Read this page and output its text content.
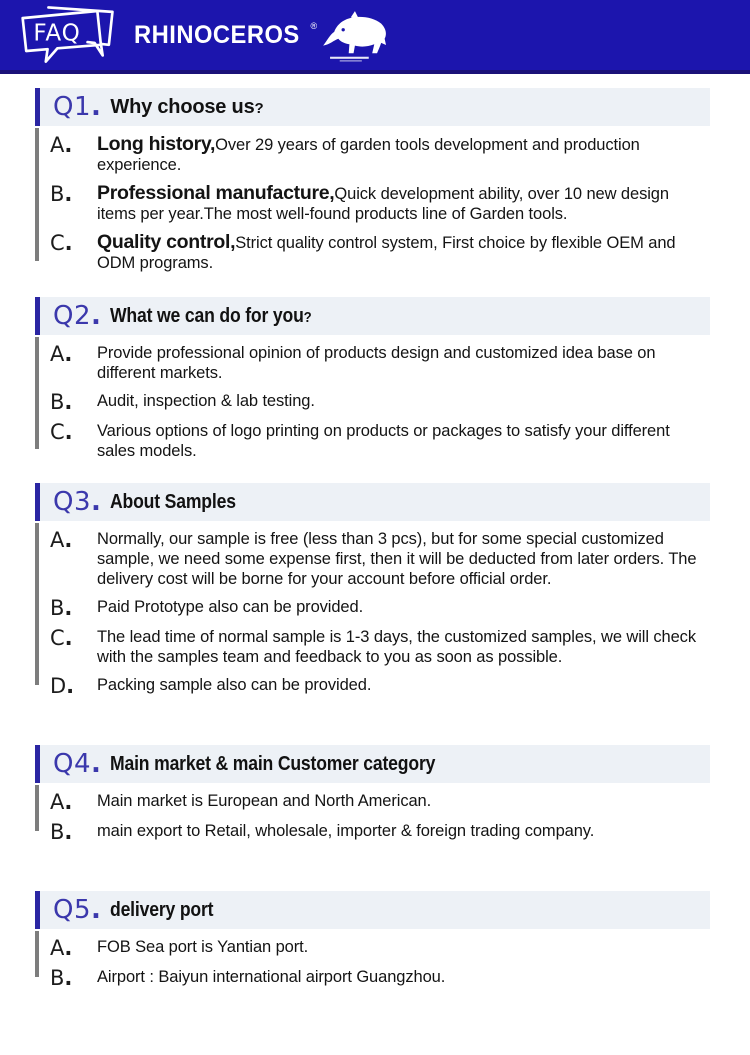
FAQ RHINOCEROS ®
Q1. Why choose us?
A.	Long history,Over 29 years of garden tools development and production experience.

B.	Professional manufacture,Quick development ability, over 10 new design items per year.The most well-found products line of Garden tools.

C.	Quality control,Strict quality control system, First choice by flexible OEM and ODM programs.

Q2. What we can do for you?
A.	Provide professional opinion of products design and customized idea base on different markets.

B.	Audit, inspection & lab testing.

C.	Various options of logo printing on products or packages to satisfy your different sales models.

Q3. About Samples
A.	Normally, our sample is free (less than 3 pcs), but for some special customized sample, we need some expense first, then it will be deducted from later orders. The delivery cost will be borne for your account before official order.

B.	Paid Prototype also can be provided.

C.	The lead time of normal sample is 1-3 days, the customized samples, we will check with the samples team and feedback to you as soon as possible.

D.	Packing sample also can be provided.

Q4. Main market & main Customer category
A.	Main market is European and North American.

B.	main export to Retail, wholesale, importer & foreign trading company.

Q5. delivery port
A.	FOB Sea port is Yantian port.

B.	Airport : Baiyun international airport Guangzhou.
